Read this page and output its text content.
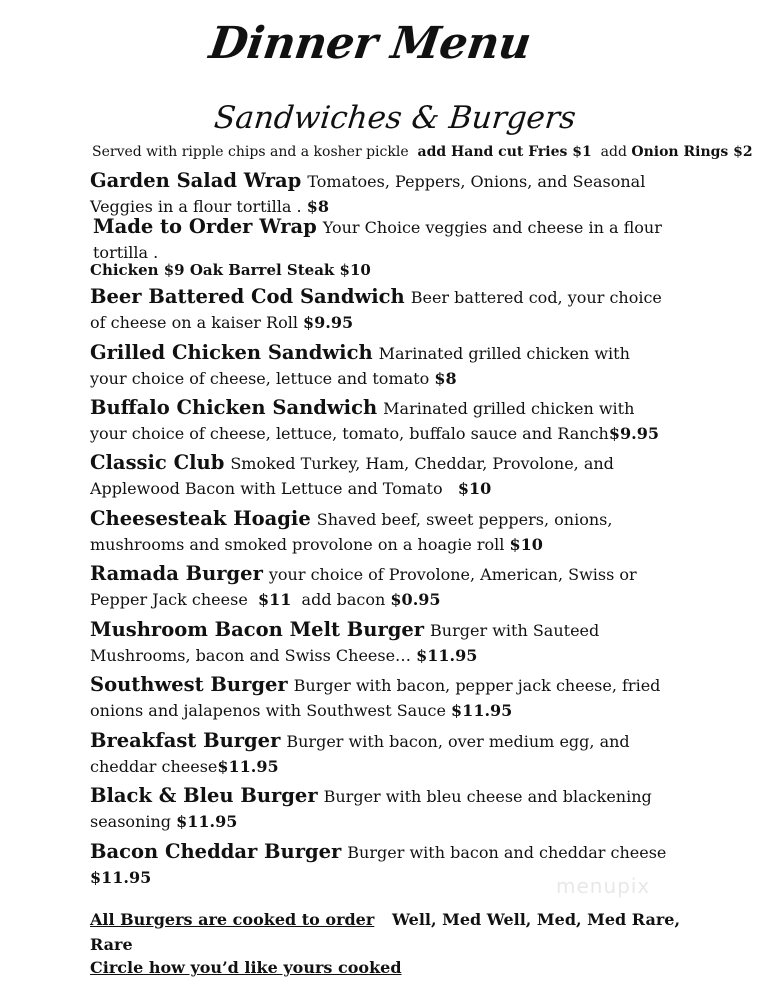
Dinner Menu
Sandwiches & Burgers
Served with ripple chips and a kosher pickle add Hand cut Fries $1 add Onion Rings $2
Garden Salad Wrap Tomatoes, Peppers, Onions, and Seasonal Veggies in a flour tortilla . $8
Made to Order Wrap Your Choice veggies and cheese in a flour tortilla .
Chicken $9 Oak Barrel Steak $10
Beer Battered Cod Sandwich Beer battered cod, your choice of cheese on a kaiser Roll $9.95
Grilled Chicken Sandwich Marinated grilled chicken with your choice of cheese, lettuce and tomato $8
Buffalo Chicken Sandwich Marinated grilled chicken with your choice of cheese, lettuce, tomato, buffalo sauce and Ranch$9.95
Classic Club Smoked Turkey, Ham, Cheddar, Provolone, and Applewood Bacon with Lettuce and Tomato $10
Cheesesteak Hoagie Shaved beef, sweet peppers, onions, mushrooms and smoked provolone on a hoagie roll $10
Ramada Burger your choice of Provolone, American, Swiss or Pepper Jack cheese $11 add bacon $0.95
Mushroom Bacon Melt Burger Burger with Sauteed Mushrooms, bacon and Swiss Cheese… $11.95
Southwest Burger Burger with bacon, pepper jack cheese, fried onions and jalapenos with Southwest Sauce $11.95
Breakfast Burger Burger with bacon, over medium egg, and cheddar cheese$11.95
Black & Bleu Burger Burger with bleu cheese and blackening seasoning $11.95
Bacon Cheddar Burger Burger with bacon and cheddar cheese $11.95	menupix
All Burgers are cooked to order Well, Med Well, Med, Med Rare,
Rare
Circle how you’d like yours cooked
